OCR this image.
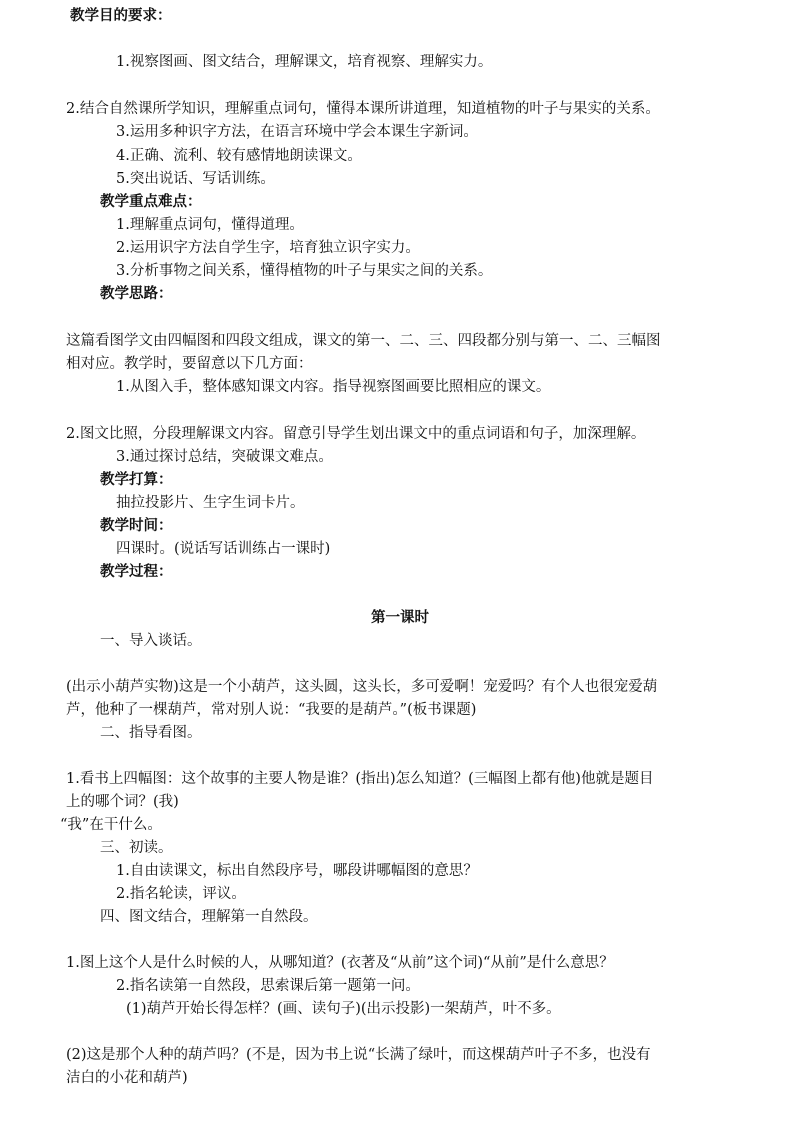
教学目的要求：
1.视察图画、图文结合，理解课文，培育视察、理解实力。
2.结合自然课所学知识，理解重点词句，懂得本课所讲道理，知道植物的叶子与果实的关系。
3.运用多种识字方法，在语言环境中学会本课生字新词。
4.正确、流利、较有感情地朗读课文。
5.突出说话、写话训练。
教学重点难点：
1.理解重点词句，懂得道理。
2.运用识字方法自学生字，培育独立识字实力。
3.分析事物之间关系，懂得植物的叶子与果实之间的关系。
教学思路：
这篇看图学文由四幅图和四段文组成，课文的第一、二、三、四段都分别与第一、二、三幅图
相对应。教学时，要留意以下几方面：
1.从图入手，整体感知课文内容。指导视察图画要比照相应的课文。
2.图文比照，分段理解课文内容。留意引导学生划出课文中的重点词语和句子，加深理解。
3.通过探讨总结，突破课文难点。
教学打算：
抽拉投影片、生字生词卡片。
教学时间：
四课时。(说话写话训练占一课时)
教学过程：
第一课时
一、导入谈话。
(出示小葫芦实物)这是一个小葫芦，这头圆，这头长，多可爱啊！宠爱吗？有个人也很宠爱葫
芦，他种了一棵葫芦，常对别人说：“我要的是葫芦。”(板书课题)
二、指导看图。
1.看书上四幅图：这个故事的主要人物是谁？(指出)怎么知道？(三幅图上都有他)他就是题目
上的哪个词？(我)
“我”在干什么。
三、初读。
1.自由读课文，标出自然段序号，哪段讲哪幅图的意思？
2.指名轮读，评议。
四、图文结合，理解第一自然段。
1.图上这个人是什么时候的人，从哪知道？(衣著及“从前”这个词)“从前”是什么意思？
2.指名读第一自然段，思索课后第一题第一问。
(1)葫芦开始长得怎样？(画、读句子)(出示投影)一架葫芦，叶不多。
(2)这是那个人种的葫芦吗？(不是，因为书上说“长满了绿叶，而这棵葫芦叶子不多，也没有
洁白的小花和葫芦)
